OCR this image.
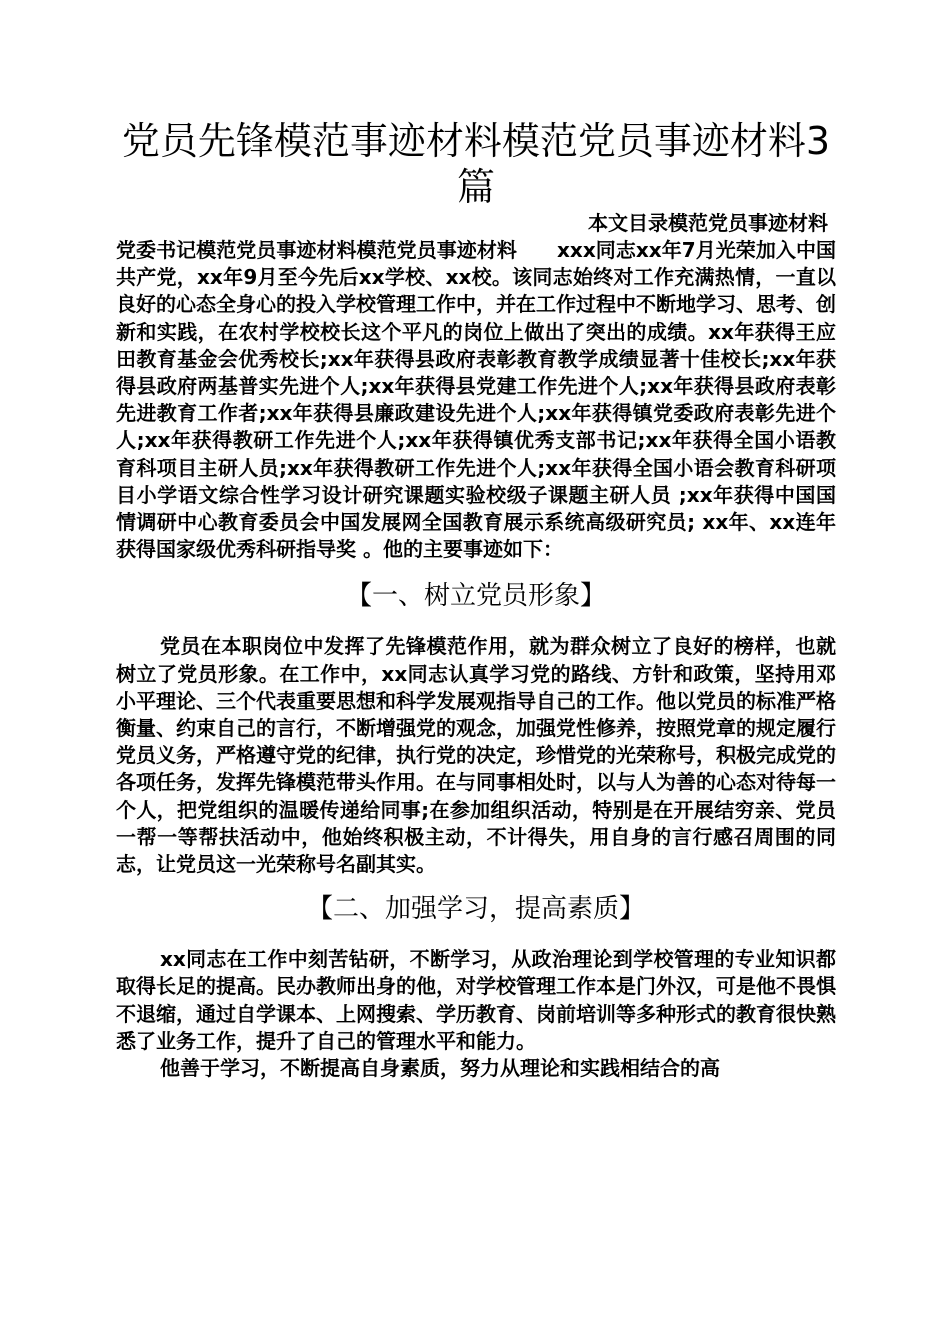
党员先锋模范事迹材料模范党员事迹材料3篇

本文目录模范党员事迹材料

党委书记模范党员事迹材料模范党员事迹材料　　xxx同志xx年7月光荣加入中国共产党，xx年9月至今先后xx学校、xx校。该同志始终对工作充满热情，一直以良好的心态全身心的投入学校管理工作中，并在工作过程中不断地学习、思考、创新和实践，在农村学校校长这个平凡的岗位上做出了突出的成绩。xx年获得王应田教育基金会优秀校长;xx年获得县政府表彰教育教学成绩显著十佳校长;xx年获得县政府两基普实先进个人;xx年获得县党建工作先进个人;xx年获得县政府表彰先进教育工作者;xx年获得县廉政建设先进个人;xx年获得镇党委政府表彰先进个人;xx年获得教研工作先进个人;xx年获得镇优秀支部书记;xx年获得全国小语教育科项目主研人员;xx年获得教研工作先进个人;xx年获得全国小语会教育科研项目小学语文综合性学习设计研究课题实验校级子课题主研人员 ;xx年获得中国国情调研中心教育委员会中国发展网全国教育展示系统高级研究员; xx年、xx连年获得国家级优秀科研指导奖 。他的主要事迹如下：

【一、树立党员形象】

党员在本职岗位中发挥了先锋模范作用，就为群众树立了良好的榜样，也就树立了党员形象。在工作中，xx同志认真学习党的路线、方针和政策，坚持用邓小平理论、三个代表重要思想和科学发展观指导自己的工作。他以党员的标准严格衡量、约束自己的言行，不断增强党的观念，加强党性修养，按照党章的规定履行党员义务，严格遵守党的纪律，执行党的决定，珍惜党的光荣称号，积极完成党的各项任务，发挥先锋模范带头作用。在与同事相处时，以与人为善的心态对待每一个人，把党组织的温暖传递给同事;在参加组织活动，特别是在开展结穷亲、党员一帮一等帮扶活动中，他始终积极主动，不计得失，用自身的言行感召周围的同志，让党员这一光荣称号名副其实。

【二、加强学习，提高素质】

xx同志在工作中刻苦钻研，不断学习，从政治理论到学校管理的专业知识都取得长足的提高。民办教师出身的他，对学校管理工作本是门外汉，可是他不畏惧不退缩，通过自学课本、上网搜索、学历教育、岗前培训等多种形式的教育很快熟悉了业务工作，提升了自己的管理水平和能力。

他善于学习，不断提高自身素质，努力从理论和实践相结合的高
